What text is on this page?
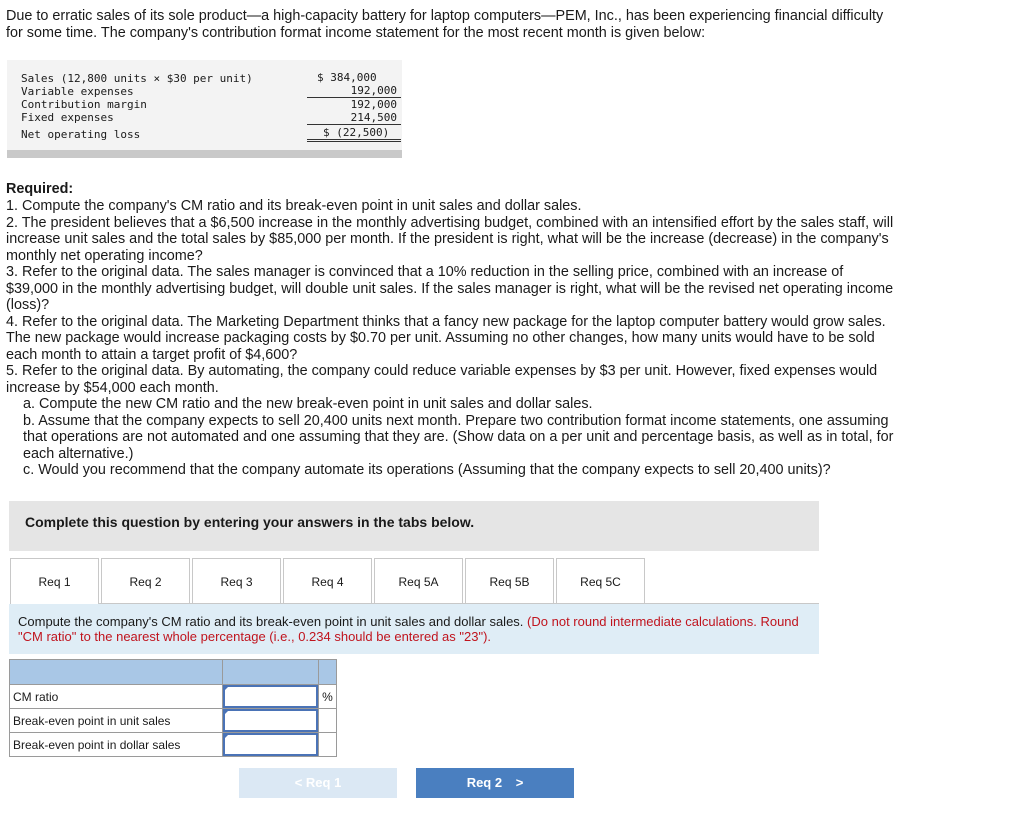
Due to erratic sales of its sole product—a high-capacity battery for laptop computers—PEM, Inc., has been experiencing financial difficulty for some time. The company's contribution format income statement for the most recent month is given below:
Sales (12,800 units × $30 per unit)	$ 384,000
Variable expenses	192,000
Contribution margin	192,000
Fixed expenses	214,500
Net operating loss	$ (22,500)
Required:

1. Compute the company's CM ratio and its break-even point in unit sales and dollar sales.

2. The president believes that a $6,500 increase in the monthly advertising budget, combined with an intensified effort by the sales staff, will increase unit sales and the total sales by $85,000 per month. If the president is right, what will be the increase (decrease) in the company's monthly net operating income?

3. Refer to the original data. The sales manager is convinced that a 10% reduction in the selling price, combined with an increase of $39,000 in the monthly advertising budget, will double unit sales. If the sales manager is right, what will be the revised net operating income (loss)?

4. Refer to the original data. The Marketing Department thinks that a fancy new package for the laptop computer battery would grow sales. The new package would increase packaging costs by $0.70 per unit. Assuming no other changes, how many units would have to be sold each month to attain a target profit of $4,600?

5. Refer to the original data. By automating, the company could reduce variable expenses by $3 per unit. However, fixed expenses would increase by $54,000 each month.

a. Compute the new CM ratio and the new break-even point in unit sales and dollar sales.

b. Assume that the company expects to sell 20,400 units next month. Prepare two contribution format income statements, one assuming that operations are not automated and one assuming that they are. (Show data on a per unit and percentage basis, as well as in total, for each alternative.)

c. Would you recommend that the company automate its operations (Assuming that the company expects to sell 20,400 units)?

Complete this question by entering your answers in the tabs below.
Req 1	Req 2	Req 3	Req 4	Req 5A	Req 5B	Req 5C
Compute the company's CM ratio and its break-even point in unit sales and dollar sales. (Do not round intermediate calculations. Round "CM ratio" to the nearest whole percentage (i.e., 0.234 should be entered as "23").

CM ratio		%
Break-even point in unit sales	

Break-even point in dollar sales	

< Req 1	Req 2 >
